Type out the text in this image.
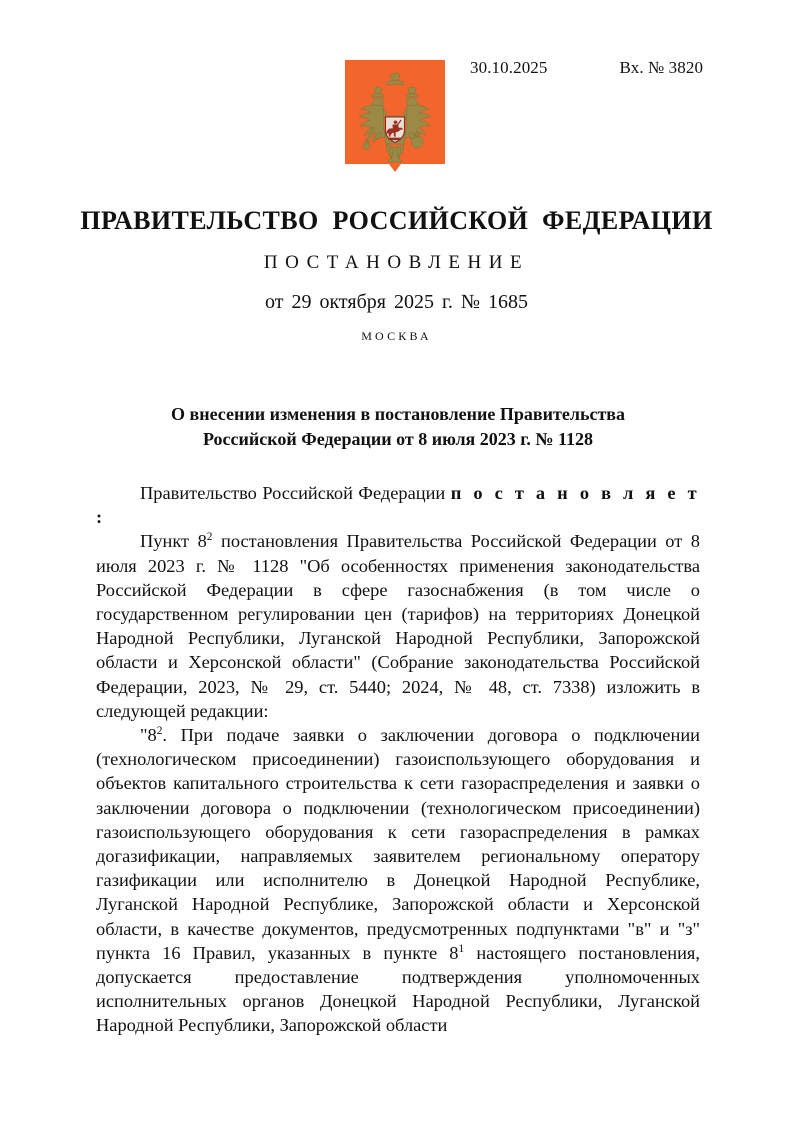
30.10.2025	Вх. № 3820
ПРАВИТЕЛЬСТВО РОССИЙСКОЙ ФЕДЕРАЦИИ
ПОСТАНОВЛЕНИЕ
от 29 октября 2025 г. № 1685
МОСКВА
О внесении изменения в постановление Правительства
Российской Федерации от 8 июля 2023 г. № 1128

Правительство Российской Федерации п о с т а н о в л я е т :

Пункт $8^2$ постановления Правительства Российской Федерации от 8 июля 2023 г. № 1128 "Об особенностях применения законодательства Российской Федерации в сфере газоснабжения (в том числе о государственном регулировании цен (тарифов) на территориях Донецкой Народной Республики, Луганской Народной Республики, Запорожской области и Херсонской области" (Собрание законодательства Российской Федерации, 2023, № 29, ст. 5440; 2024, № 48, ст. 7338) изложить в следующей редакции:

"$8^2$. При подаче заявки о заключении договора о подключении (технологическом присоединении) газоиспользующего оборудования и объектов капитального строительства к сети газораспределения и заявки о заключении договора о подключении (технологическом присоединении) газоиспользующего оборудования к сети газораспределения в рамках догазификации, направляемых заявителем региональному оператору газификации или исполнителю в Донецкой Народной Республике, Луганской Народной Республике, Запорожской области и Херсонской области, в качестве документов, предусмотренных подпунктами "в" и "з" пункта 16 Правил, указанных в пункте $8^1$ настоящего постановления, допускается предоставление подтверждения уполномоченных исполнительных органов Донецкой Народной Республики, Луганской Народной Республики, Запорожской области
